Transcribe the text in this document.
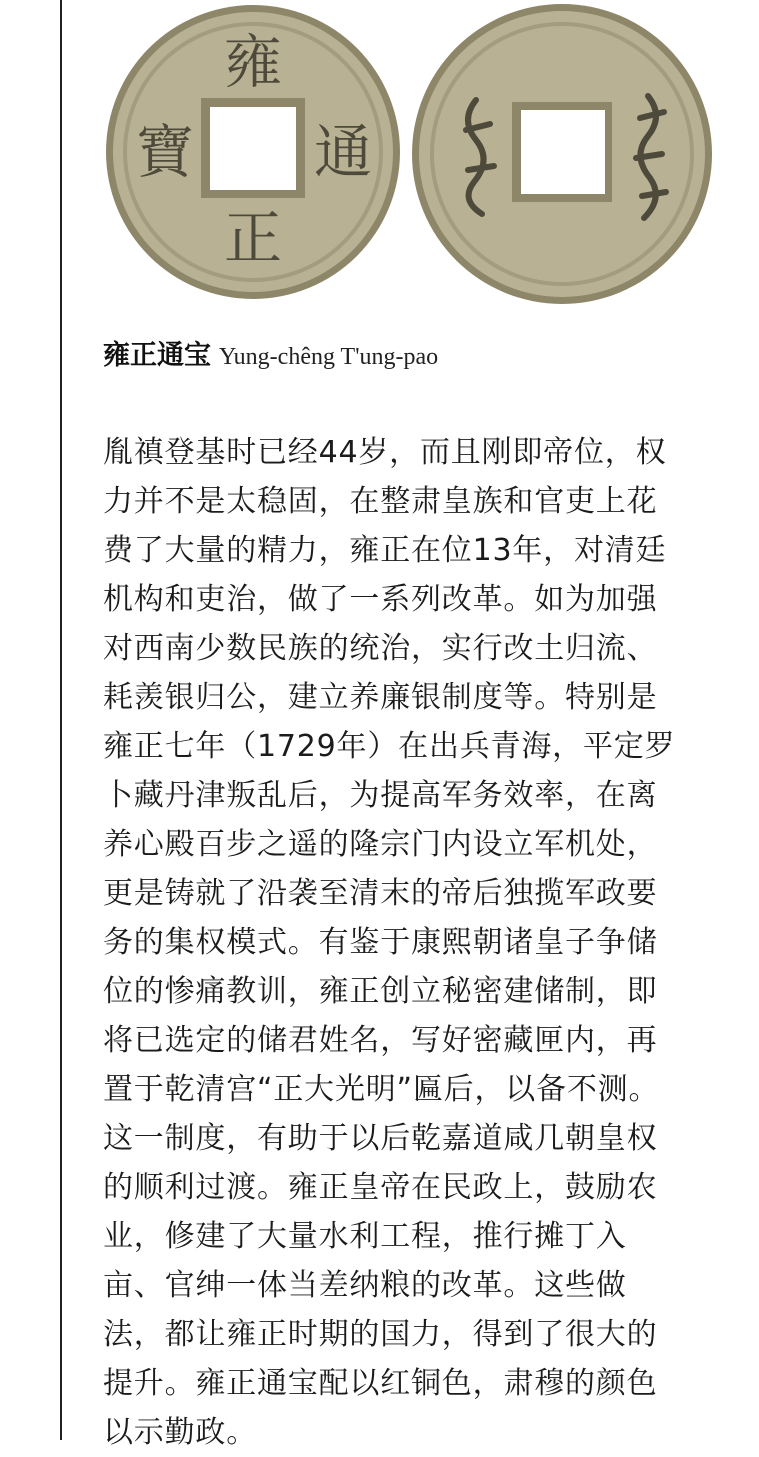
雍
正
通
寶
雍正通宝 Yung-chêng T'ung-pao

胤禛登基时已经44岁，而且刚即帝位，权
力并不是太稳固，在整肃皇族和官吏上花
费了大量的精力，雍正在位13年，对清廷
机构和吏治，做了一系列改革。如为加强
对西南少数民族的统治，实行改土归流、
耗羡银归公，建立养廉银制度等。特别是
雍正七年（1729年）在出兵青海，平定罗
卜藏丹津叛乱后，为提高军务效率，在离
养心殿百步之遥的隆宗门内设立军机处，
更是铸就了沿袭至清末的帝后独揽军政要
务的集权模式。有鉴于康熙朝诸皇子争储
位的惨痛教训，雍正创立秘密建储制，即
将已选定的储君姓名，写好密藏匣内，再
置于乾清宫“正大光明”匾后，以备不测。
这一制度，有助于以后乾嘉道咸几朝皇权
的顺利过渡。雍正皇帝在民政上，鼓励农
业，修建了大量水利工程，推行摊丁入
亩、官绅一体当差纳粮的改革。这些做
法，都让雍正时期的国力，得到了很大的
提升。雍正通宝配以红铜色，肃穆的颜色
以示勤政。
